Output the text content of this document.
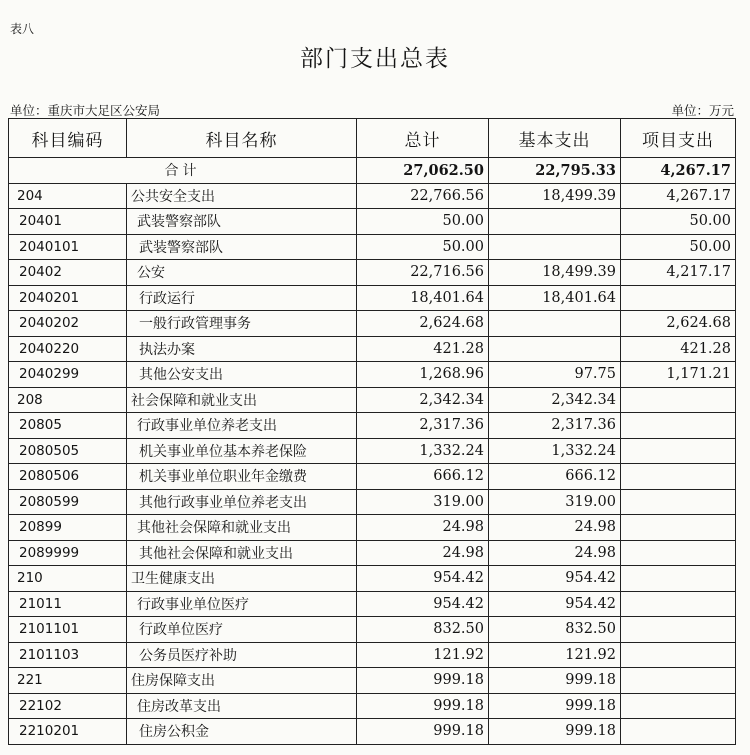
表八
部门支出总表
单位：重庆市大足区公安局	单位：万元
科目编码	科目名称	总计	基本支出	项目支出
合计		27,062.50	22,795.33	4,267.17
204	公共安全支出	22,766.56	18,499.39	4,267.17
20401	武装警察部队	50.00		50.00
2040101	武装警察部队	50.00		50.00
20402	公安	22,716.56	18,499.39	4,217.17
2040201	行政运行	18,401.64	18,401.64	
2040202	一般行政管理事务	2,624.68		2,624.68
2040220	执法办案	421.28		421.28
2040299	其他公安支出	1,268.96	97.75	1,171.21
208	社会保障和就业支出	2,342.34	2,342.34	
20805	行政事业单位养老支出	2,317.36	2,317.36	
2080505	机关事业单位基本养老保险	1,332.24	1,332.24	
2080506	机关事业单位职业年金缴费	666.12	666.12	
2080599	其他行政事业单位养老支出	319.00	319.00	
20899	其他社会保障和就业支出	24.98	24.98	
2089999	其他社会保障和就业支出	24.98	24.98	
210	卫生健康支出	954.42	954.42	
21011	行政事业单位医疗	954.42	954.42	
2101101	行政单位医疗	832.50	832.50	
2101103	公务员医疗补助	121.92	121.92	
221	住房保障支出	999.18	999.18	
22102	住房改革支出	999.18	999.18	
2210201	住房公积金	999.18	999.18	
